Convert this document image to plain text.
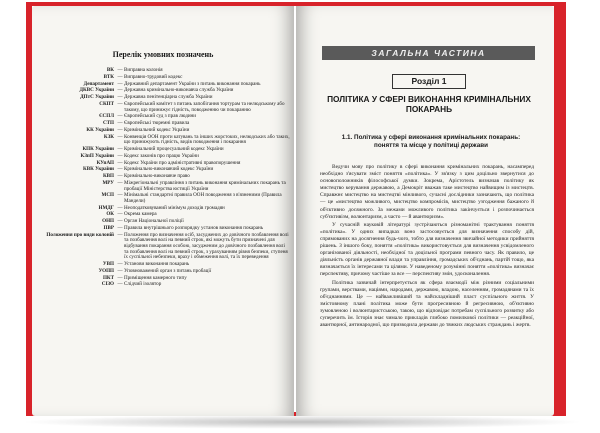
Перелік умовних позначень
ВК — Виправна колонія
ВТК — Виправно-трудовий кодекс
Департамент — Державний департамент України з питань виконання покарань
ДКВС України — Державна кримінально-виконавча служба України
ДПтС України — Державна пенітенціарна служба України
СКПТ — Європейський комітет з питань запобігання тортурам та нелюдському або такому, що принижує гідність, поводженню чи покаранню
ЄСПЛ — Європейський суд з прав людини
СТП — Європейські тюремні правила
КК України — Кримінальний кодекс України
КЗК — Конвенція ООН проти катувань та інших жорстоких, нелюдських або таких, що принижують гідність, видів поводження і покарання
КПК України — Кримінальний процесуальний кодекс України
КЗпП України — Кодекс законів про працю України
КУпАП — Кодекс України про адміністративні правопорушення
КВК України — Кримінально-виконавчий кодекс України
КВП — Кримінально-виконавче право
МРУ — Міжрегіональні управління з питань виконання кримінальних покарань та пробації Міністерства юстиції України
МСП — Мінімальні стандартні правила ООН поводження з в'язненими (Правила Мандели)
НМДГ — Неоподатковуваний мінімум доходів громадян
ОК — Окрема камера
ОНП — Орган Національної поліції
ПВР — Правила внутрішнього розпорядку установ виконання покарань
Положення про види колоній — Положення про визначення осіб, засуджених до довічного позбавлення волі та позбавлення волі на певний строк, які можуть бути призначені для відбування покарання особою, засудженим до довічного позбавлення волі та позбавлення волі на певний строк, з урахуванням рівня безпеки, ступеня їх суспільної небезпеки, враху і обмеження волі, та їх переведення
УВП — Установи виконання покарань
УОПП — Уповноважений орган з питань пробації
ПКТ — Приміщення камерного типу
СІЗО — Слідчий ізолятор
ЗАГАЛЬНА ЧАСТИНА
Розділ 1
ПОЛІТИКА У СФЕРІ ВИКОНАННЯ КРИМІНАЛЬНИХ ПОКАРАНЬ
1.1. Політика у сфері виконання кримінальних покарань: поняття та місце у політиці держави

Ведучи мову про політику в сфері виконання кримінальних покарань, насамперед необхідно з'ясувати зміст поняття «політика». У зв'язку з цим доцільно звернутися до основоположників філософської думки. Зокрема, Арістотель визначав політику як мистецтво керування державою, а Демокріт вважав таке мистецтво найвищим із мистецтв. Справжнє мистецтво на мистецтві мінливого, сучасні дослідники зазначають, що політика — це «мистецтво можливого, мистецтво компромісів, мистецтво узгодження бажаного й об'єктивно досяжного. За межами можливого політика закінчується і розпочинається суб'єктивізм, волюнтаризм, а часто — й авантюризм».

У сучасній науковій літературі зустрічаються різноманітні трактування поняття «політика». У одних випадках воно застосовується для визначення способу дій, спрямованих на досягнення будь-чого, тобто для визначення звичайної методики прийняття рішень. З іншого боку, поняття «політика» використовується для визначення усвідомленого організованої діяльності, необхідної та доцільної програми певного часу. Як правило, це діяльність органів державної влади та управління, громадських об'єднань, партій тощо, яка визначається їх інтересами та цілями. У наведеному розумінні поняття «політика» визначає перспективу, причому частіше за все — перспективу змін, удосконалення.

Політика зазвичай інтерпретується як сфера взаємодії між різними соціальними групами, верствами, націями, народами, державою, владою, населенням, громадянами та їх об'єднаннями. Це — найважливіший та найскладніший пласт суспільного життя. У змістовному плані політика може бути прогресивною й регресивною, об'єктивно зумовленою і волюнтаристською, такою, що відповідає потребам суспільного розвитку або суперечить їм. Історія знає чимало прикладів глибоко помилкової політики — реакційної, авантюрної, антинародної, що призводила держави до тяжких людських страждань і жертв.
